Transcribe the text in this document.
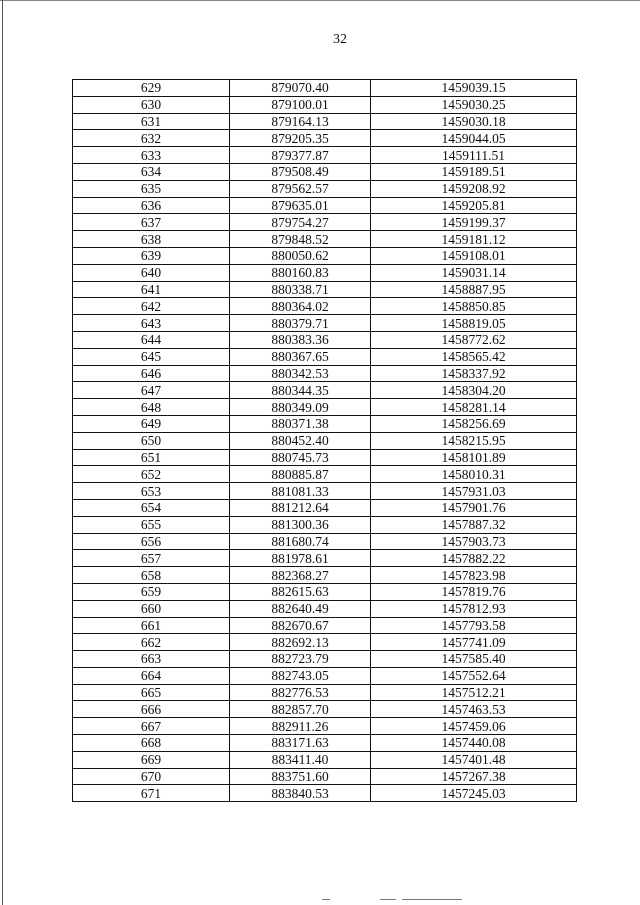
32
629	879070.40	1459039.15
630	879100.01	1459030.25
631	879164.13	1459030.18
632	879205.35	1459044.05
633	879377.87	1459111.51
634	879508.49	1459189.51
635	879562.57	1459208.92
636	879635.01	1459205.81
637	879754.27	1459199.37
638	879848.52	1459181.12
639	880050.62	1459108.01
640	880160.83	1459031.14
641	880338.71	1458887.95
642	880364.02	1458850.85
643	880379.71	1458819.05
644	880383.36	1458772.62
645	880367.65	1458565.42
646	880342.53	1458337.92
647	880344.35	1458304.20
648	880349.09	1458281.14
649	880371.38	1458256.69
650	880452.40	1458215.95
651	880745.73	1458101.89
652	880885.87	1458010.31
653	881081.33	1457931.03
654	881212.64	1457901.76
655	881300.36	1457887.32
656	881680.74	1457903.73
657	881978.61	1457882.22
658	882368.27	1457823.98
659	882615.63	1457819.76
660	882640.49	1457812.93
661	882670.67	1457793.58
662	882692.13	1457741.09
663	882723.79	1457585.40
664	882743.05	1457552.64
665	882776.53	1457512.21
666	882857.70	1457463.53
667	882911.26	1457459.06
668	883171.63	1457440.08
669	883411.40	1457401.48
670	883751.60	1457267.38
671	883840.53	1457245.03
